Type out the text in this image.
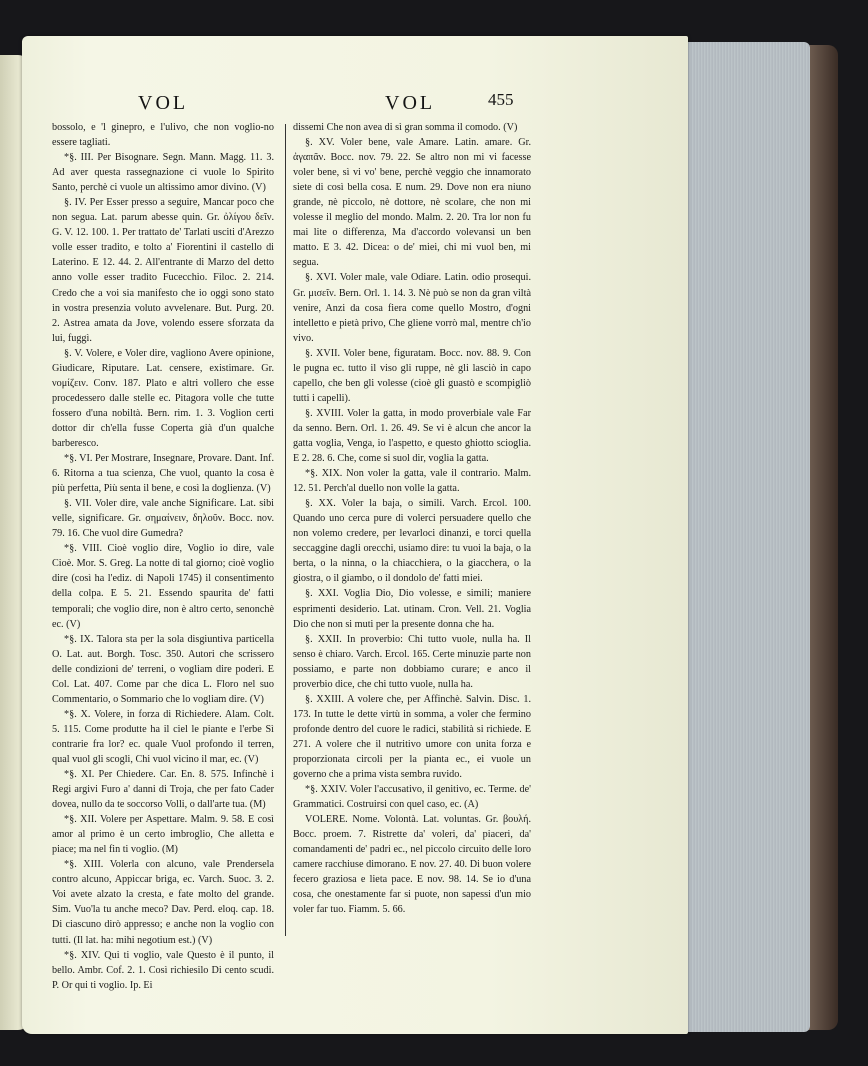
VOL	VOL	455

bossolo, e 'l ginepro, e l'ulivo, che non voglio-no essere tagliati.

*§. III. Per Bisognare. Segn. Mann. Magg. 11. 3. Ad aver questa rassegnazione ci vuole lo Spirito Santo, perchè ci vuole un altissimo amor divino. (V)

§. IV. Per Esser presso a seguire, Mancar poco che non segua. Lat. parum abesse quin. Gr. ὀλίγου δεῖν. G. V. 12. 100. 1. Per trattato de' Tarlati usciti d'Arezzo volle esser tradito, e tolto a' Fiorentini il castello di Laterino. E 12. 44. 2. All'entrante di Marzo del detto anno volle esser tradito Fucecchio. Filoc. 2. 214. Credo che a voi sia manifesto che io oggi sono stato in vostra presenzia voluto avvelenare. But. Purg. 20. 2. Astrea amata da Jove, volendo essere sforzata da lui, fuggì.

§. V. Volere, e Voler dire, vagliono Avere opinione, Giudicare, Riputare. Lat. censere, existimare. Gr. νομίζειν. Conv. 187. Plato e altri vollero che esse procedessero dalle stelle ec. Pitagora volle che tutte fossero d'una nobiltà. Bern. rim. 1. 3. Voglion certi dottor dir ch'ella fusse Coperta già d'un qualche barberesco.

*§. VI. Per Mostrare, Insegnare, Provare. Dant. Inf. 6. Ritorna a tua scienza, Che vuol, quanto la cosa è più perfetta, Più senta il bene, e così la doglienza. (V)

§. VII. Voler dire, vale anche Significare. Lat. sibi velle, significare. Gr. σημαίνειν, δηλοῦν. Bocc. nov. 79. 16. Che vuol dire Gumedra?

*§. VIII. Cioè voglio dire, Voglio io dire, vale Cioè. Mor. S. Greg. La notte di tal giorno; cioè voglio dire (così ha l'ediz. di Napoli 1745) il consentimento della colpa. E 5. 21. Essendo spaurita de' fatti temporali; che voglio dire, non è altro certo, senonchè ec. (V)

*§. IX. Talora sta per la sola disgiuntiva particella O. Lat. aut. Borgh. Tosc. 350. Autori che scrissero delle condizioni de' terreni, o vogliam dire poderi. E Col. Lat. 407. Come par che dica L. Floro nel suo Commentario, o Sommario che lo vogliam dire. (V)

*§. X. Volere, in forza di Richiedere. Alam. Colt. 5. 115. Come produtte ha il ciel le piante e l'erbe Sì contrarie fra lor? ec. quale Vuol profondo il terren, qual vuol gli scogli, Chi vuol vicino il mar, ec. (V)

*§. XI. Per Chiedere. Car. En. 8. 575. Infinchè i Regi argivi Furo a' danni di Troja, che per fato Cader dovea, nullo da te soccorso Volli, o dall'arte tua. (M)

*§. XII. Volere per Aspettare. Malm. 9. 58. E così amor al primo è un certo imbroglio, Che alletta e piace; ma nel fin ti voglio. (M)

*§. XIII. Volerla con alcuno, vale Prendersela contro alcuno, Appiccar briga, ec. Varch. Suoc. 3. 2. Voi avete alzato la cresta, e fate molto del grande. Sim. Vuo'la tu anche meco? Dav. Perd. eloq. cap. 18. Di ciascuno dirò appresso; e anche non la voglio con tutti. (Il lat. ha: mihi negotium est.) (V)

*§. XIV. Qui ti voglio, vale Questo è il punto, il bello. Ambr. Cof. 2. 1. Così richiesilo Di cento scudi. P. Or qui ti voglio. Ip. Ei

dissemi Che non avea di sì gran somma il comodo. (V)

§. XV. Voler bene, vale Amare. Latin. amare. Gr. ἀγαπᾶν. Bocc. nov. 79. 22. Se altro non mi vi facesse voler bene, sì vi vo' bene, perchè veggio che innamorato siete di così bella cosa. E num. 29. Dove non era niuno grande, nè piccolo, nè dottore, nè scolare, che non mi volesse il meglio del mondo. Malm. 2. 20. Tra lor non fu mai lite o differenza, Ma d'accordo volevansi un ben matto. E 3. 42. Dicea: o de' miei, chi mi vuol ben, mi segua.

§. XVI. Voler male, vale Odiare. Latin. odio prosequi. Gr. μισεῖν. Bern. Orl. 1. 14. 3. Nè può se non da gran viltà venire, Anzi da cosa fiera come quello Mostro, d'ogni intelletto e pietà privo, Che gliene vorrò mal, mentre ch'io vivo.

§. XVII. Voler bene, figuratam. Bocc. nov. 88. 9. Con le pugna ec. tutto il viso gli ruppe, nè gli lasciò in capo capello, che ben gli volesse (cioè gli guastò e scompigliò tutti i capelli).

§. XVIII. Voler la gatta, in modo proverbiale vale Far da senno. Bern. Orl. 1. 26. 49. Se vi è alcun che ancor la gatta voglia, Venga, io l'aspetto, e questo ghiotto scioglia. E 2. 28. 6. Che, come si suol dir, voglia la gatta.

*§. XIX. Non voler la gatta, vale il contrario. Malm. 12. 51. Perch'al duello non volle la gatta.

§. XX. Voler la baja, o simili. Varch. Ercol. 100. Quando uno cerca pure di volerci persuadere quello che non volemo credere, per levarloci dinanzi, e torci quella seccaggine dagli orecchi, usiamo dire: tu vuoi la baja, o la berta, o la ninna, o la chiacchiera, o la giacchera, o la giostra, o il giambo, o il dondolo de' fatti miei.

§. XXI. Voglia Dio, Dio volesse, e simili; maniere esprimenti desiderio. Lat. utinam. Cron. Vell. 21. Voglia Dio che non si muti per la presente donna che ha.

§. XXII. In proverbio: Chi tutto vuole, nulla ha. Il senso è chiaro. Varch. Ercol. 165. Certe minuzie parte non possiamo, e parte non dobbiamo curare; e anco il proverbio dice, che chi tutto vuole, nulla ha.

§. XXIII. A volere che, per Affinchè. Salvin. Disc. 1. 173. In tutte le dette virtù in somma, a voler che fermino profonde dentro del cuore le radici, stabilità si richiede. E 271. A volere che il nutritivo umore con unita forza e proporzionata circoli per la pianta ec., ei vuole un governo che a prima vista sembra ruvido.

*§. XXIV. Voler l'accusativo, il genitivo, ec. Terme. de' Grammatici. Costruirsi con quel caso, ec. (A)

VOLERE. Nome. Volontà. Lat. voluntas. Gr. βουλή. Bocc. proem. 7. Ristrette da' voleri, da' piaceri, da' comandamenti de' padri ec., nel piccolo circuito delle loro camere racchiuse dimorano. E nov. 27. 40. Di buon volere fecero graziosa e lieta pace. E nov. 98. 14. Se io d'una cosa, che onestamente far si puote, non sapessi d'un mio voler far tuo. Fiamm. 5. 66.
